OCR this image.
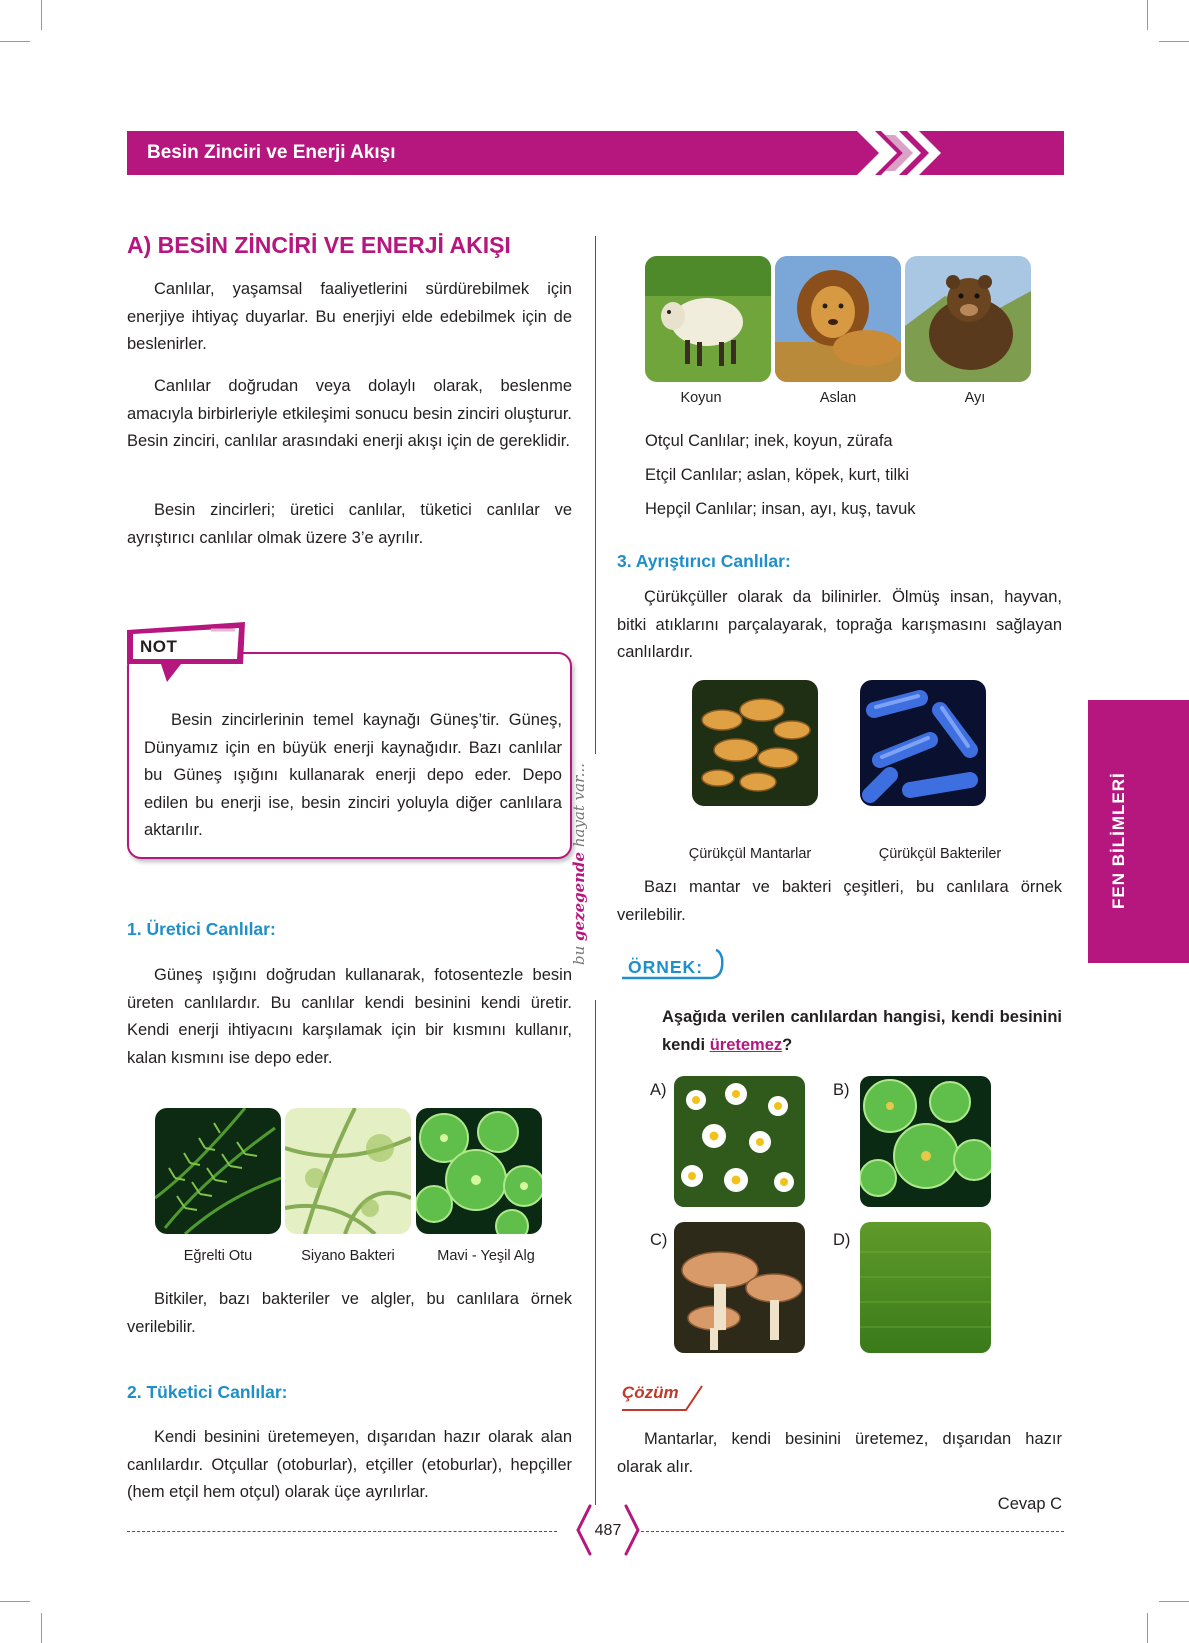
Besin Zinciri ve Enerji Akışı
A) BESİN ZİNCİRİ VE ENERJİ AKIŞI
Canlılar, yaşamsal faaliyetlerini sürdürebilmek için enerjiye ihtiyaç duyarlar. Bu enerjiyi elde edebilmek için de beslenirler.
Canlılar doğrudan veya dolaylı olarak, beslenme amacıyla birbirleriyle etkileşimi sonucu besin zinciri oluşturur. Besin zinciri, canlılar arasındaki enerji akışı için de gereklidir.
Besin zincirleri; üretici canlılar, tüketici canlılar ve ayrıştırıcı canlılar olmak üzere 3’e ayrılır.
NOT
Besin zincirlerinin temel kaynağı Güneş’tir. Güneş, Dünyamız için en büyük enerji kaynağıdır. Bazı canlılar bu Güneş ışığını kullanarak enerji depo eder. Depo edilen bu enerji ise, besin zinciri yoluyla diğer canlılara aktarılır.
1. Üretici Canlılar:
Güneş ışığını doğrudan kullanarak, fotosentezle besin üreten canlılardır. Bu canlılar kendi besinini kendi üretir. Kendi enerji ihtiyacını karşılamak için bir kısmını kullanır, kalan kısmını ise depo eder.
Eğrelti Otu	Siyano Bakteri	Mavi - Yeşil Alg
Bitkiler, bazı bakteriler ve algler, bu canlılara örnek verilebilir.
2. Tüketici Canlılar:
Kendi besinini üretemeyen, dışarıdan hazır olarak alan canlılardır. Otçullar (otoburlar), etçiller (etoburlar), hepçiller (hem etçil hem otçul) olarak üçe ayrılırlar.
bu gezegende hayat var...
Koyun	Aslan	Ayı
Otçul Canlılar; inek, koyun, zürafa
Etçil Canlılar; aslan, köpek, kurt, tilki
Hepçil Canlılar; insan, ayı, kuş, tavuk
3. Ayrıştırıcı Canlılar:
Çürükçüller olarak da bilinirler. Ölmüş insan, hayvan, bitki atıklarını parçalayarak, toprağa karışmasını sağlayan canlılardır.
Çürükçül Mantarlar	Çürükçül Bakteriler
Bazı mantar ve bakteri çeşitleri, bu canlılara örnek verilebilir.
ÖRNEK:
Aşağıda verilen canlılardan hangisi, kendi besinini kendi üretemez?
A)	B)
C)	D)
Çözüm
Mantarlar, kendi besinini üretemez, dışarıdan hazır olarak alır.
Cevap C
FEN BİLİMLERİ
487
